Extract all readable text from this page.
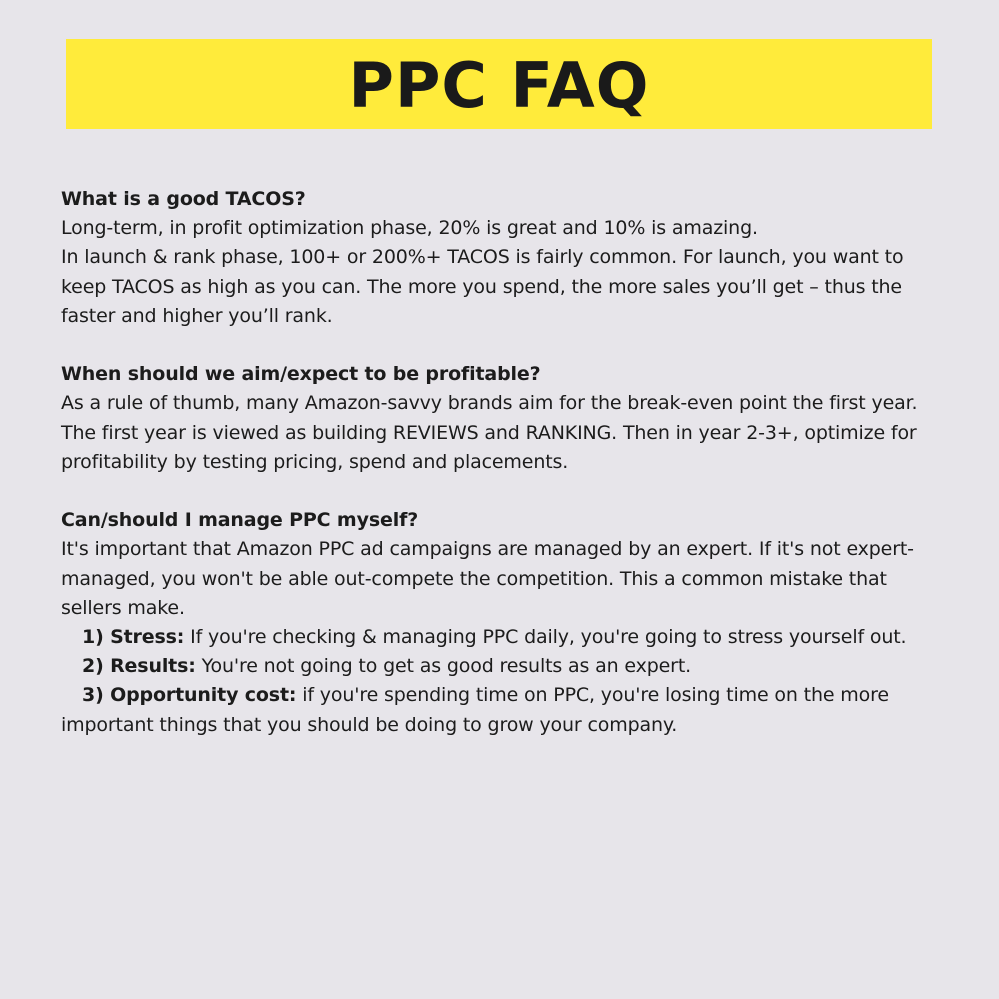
PPC FAQ

What is a good TACOS?

Long-term, in profit optimization phase, 20% is great and 10% is amazing.

In launch & rank phase, 100+ or 200%+ TACOS is fairly common. For launch, you want to keep TACOS as high as you can. The more you spend, the more sales you’ll get – thus the faster and higher you’ll rank.

When should we aim/expect to be profitable?

As a rule of thumb, many Amazon-savvy brands aim for the break-even point the first year. The first year is viewed as building REVIEWS and RANKING. Then in year 2-3+, optimize for profitability by testing pricing, spend and placements.

Can/should I manage PPC myself?

It's important that Amazon PPC ad campaigns are managed by an expert. If it's not expert-managed, you won't be able out-compete the competition. This a common mistake that sellers make.

1) Stress: If you're checking & managing PPC daily, you're going to stress yourself out.

2) Results: You're not going to get as good results as an expert.

3) Opportunity cost: if you're spending time on PPC, you're losing time on the more important things that you should be doing to grow your company.
